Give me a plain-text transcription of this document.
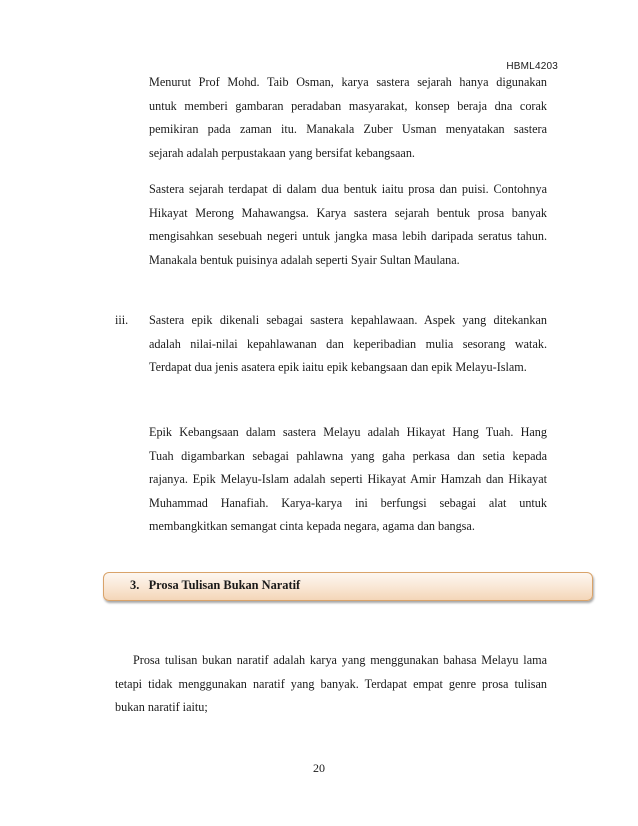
HBML4203
Menurut Prof Mohd. Taib Osman, karya sastera sejarah hanya digunakan
untuk memberi gambaran peradaban masyarakat, konsep beraja dna corak
pemikiran pada zaman itu. Manakala Zuber Usman menyatakan sastera
sejarah adalah perpustakaan yang bersifat kebangsaan.
Sastera sejarah terdapat di dalam dua bentuk iaitu prosa dan puisi. Contohnya
Hikayat Merong Mahawangsa. Karya sastera sejarah bentuk prosa banyak
mengisahkan sesebuah negeri untuk jangka masa lebih daripada seratus tahun.
Manakala bentuk puisinya adalah seperti Syair Sultan Maulana.
iii. Sastera epik dikenali sebagai sastera kepahlawaan. Aspek yang ditekankan
adalah nilai-nilai kepahlawanan dan keperibadian mulia sesorang watak.
Terdapat dua jenis asatera epik iaitu epik kebangsaan dan epik Melayu-Islam.
Epik Kebangsaan dalam sastera Melayu adalah Hikayat Hang Tuah. Hang
Tuah digambarkan sebagai pahlawna yang gaha perkasa dan setia kepada
rajanya. Epik Melayu-Islam adalah seperti Hikayat Amir Hamzah dan Hikayat
Muhammad Hanafiah. Karya-karya ini berfungsi sebagai alat untuk
membangkitkan semangat cinta kepada negara, agama dan bangsa.
3.   Prosa Tulisan Bukan Naratif
Prosa tulisan bukan naratif adalah karya yang menggunakan bahasa Melayu lama
tetapi tidak menggunakan naratif yang banyak. Terdapat empat genre prosa tulisan
bukan naratif iaitu;
20
